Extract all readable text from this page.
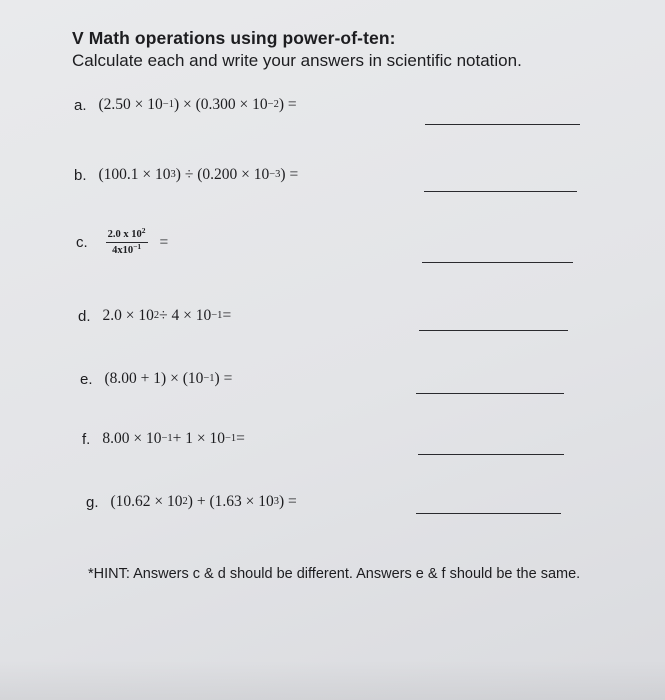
V Math operations using power-of-ten:
Calculate each and write your answers in scientific notation.
a. (2.50 × 10 −1 ) × (0.300 × 10 −2 ) =
b. (100.1 × 10 3 ) ÷ (0.200 × 10 −3 ) =
c. $\frac{2.0 x 10^2}{4x10^{-1}}$ =
d. 2.0 × 10 2 ÷ 4 × 10 −1 =
e. (8.00 + 1) × (10 −1 ) =
f. 8.00 × 10 −1 + 1 × 10 −1 =
g. (10.62 × 10 2 ) + (1.63 × 10 3 ) =
*HINT: Answers c & d should be different. Answers e & f should be the same.
